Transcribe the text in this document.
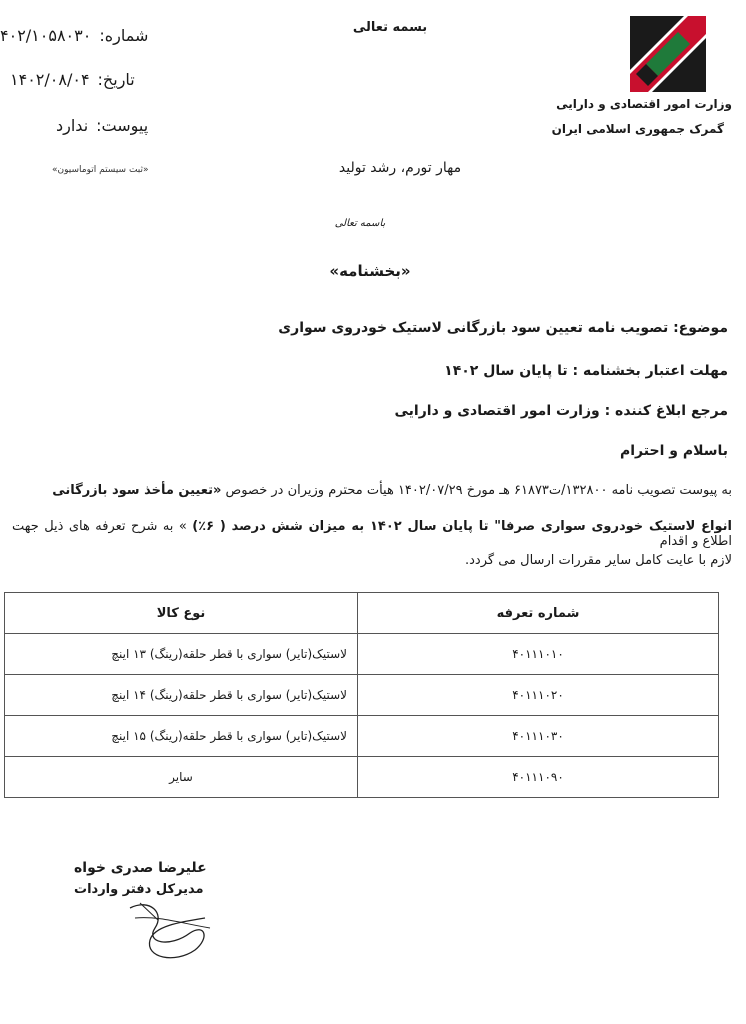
شماره:۴۰۲/۱۰۵۸۰۳۰
تاریخ:۱۴۰۲/۰۸/۰۴
پیوست:ندارد
«ثبت سیستم اتوماسیون»
بسمه تعالی
مهار تورم، رشد تولید
باسمه تعالی
«بخشنامه»
وزارت امور اقتصادی و دارایی
گمرک جمهوری اسلامی ایران
موضوع: تصویب نامه تعیین سود بازرگانی لاستیک خودروی سواری
مهلت اعتبار بخشنامه : تا پایان سال ۱۴۰۲
مرجع ابلاغ کننده : وزارت امور اقتصادی و دارایی
باسلام و احترام
به پیوست تصویب نامه ۱۳۲۸۰۰/ت۶۱۸۷۳ هـ مورخ ۱۴۰۲/۰۷/۲۹ هیأت محترم وزیران در خصوص «تعیین مأخذ سود بازرگانی
انواع لاستیک خودروی سواری صرفا" تا پایان سال ۱۴۰۲ به میزان شش درصد ( ۶٪) » به شرح تعرفه های ذیل جهت اطلاع و اقدام
لازم با عایت کامل سایر مقررات ارسال می گردد.
شماره تعرفه	نوع کالا
۴۰۱۱۱۰۱۰	لاستیک(تایر) سواری با قطر حلقه(رینگ) ۱۳ اینچ
۴۰۱۱۱۰۲۰	لاستیک(تایر) سواری با قطر حلقه(رینگ) ۱۴ اینچ
۴۰۱۱۱۰۳۰	لاستیک(تایر) سواری با قطر حلقه(رینگ) ۱۵ اینچ
۴۰۱۱۱۰۹۰	سایر
علیرضا صدری خواه
مدیرکل دفتر واردات
